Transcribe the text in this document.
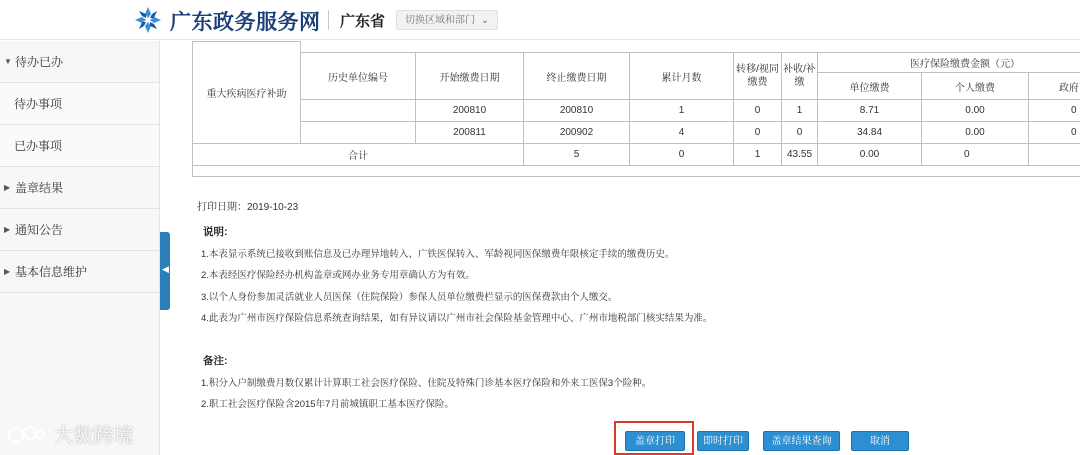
广东政务服务网 广东省	切换区域和部门 ⌄
▼ 待办已办
待办事项
已办事项
▶ 盖章结果
▶ 通知公告
▶ 基本信息维护	◀
重大疾病医疗补助									
	历史单位编号	开始缴费日期	终止缴费日期	累计月数	转移/视同缴费	补收/补缴	医疗保险缴费金额（元）		
							单位缴费	个人缴费	政府
		200810	200810	1	0	1	8.71	0.00	0
		200811	200902	4	0	0	34.84	0.00	0
合计			5	0	1	43.55	0.00	0	

打印日期：2019-10-23
说明:
1.本表显示系统已接收到账信息及已办理异地转入、广铁医保转入、军龄视同医保缴费年限核定手续的缴费历史。
2.本表经医疗保险经办机构盖章或网办业务专用章确认方为有效。
3.以个人身份参加灵活就业人员医保（住院保险）参保人员单位缴费栏显示的医保费款由个人缴交。
4.此表为广州市医疗保险信息系统查询结果，如有异议请以广州市社会保险基金管理中心、广州市地税部门核实结果为准。
备注:
1.积分入户制缴费月数仅累计计算职工社会医疗保险、住院及特殊门诊基本医疗保险和外来工医保3个险种。
2.职工社会医疗保险含2015年7月前城镇职工基本医疗保险。
盖章打印	即时打印	盖章结果查询	取消
大数跨境
